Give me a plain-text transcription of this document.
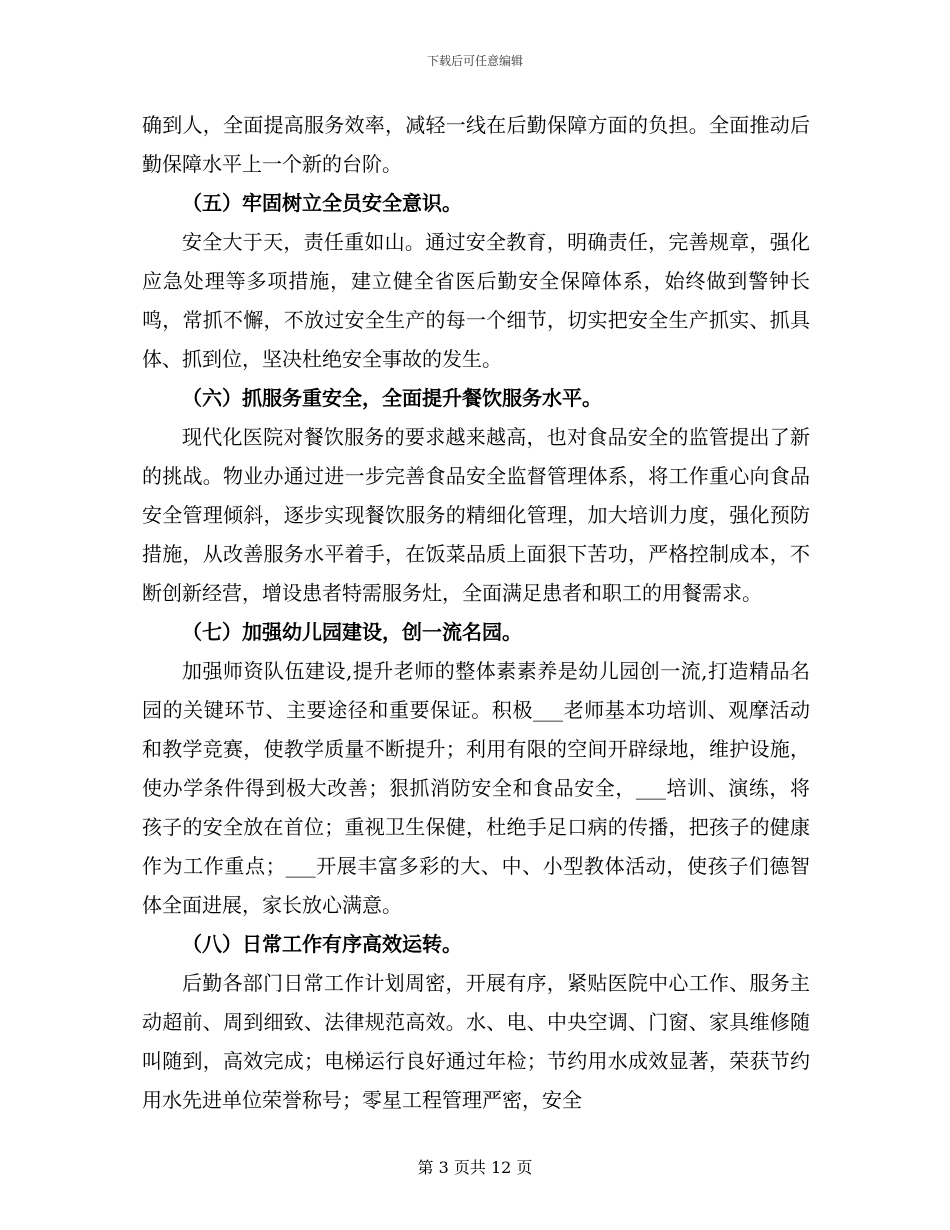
下载后可任意编辑

确到人，全面提高服务效率，减轻一线在后勤保障方面的负担。全面推动后勤保障水平上一个新的台阶。

（五）牢固树立全员安全意识。

安全大于天，责任重如山。通过安全教育，明确责任，完善规章，强化应急处理等多项措施，建立健全省医后勤安全保障体系，始终做到警钟长鸣，常抓不懈，不放过安全生产的每一个细节，切实把安全生产抓实、抓具体、抓到位，坚决杜绝安全事故的发生。

（六）抓服务重安全，全面提升餐饮服务水平。

现代化医院对餐饮服务的要求越来越高，也对食品安全的监管提出了新的挑战。物业办通过进一步完善食品安全监督管理体系，将工作重心向食品安全管理倾斜，逐步实现餐饮服务的精细化管理，加大培训力度，强化预防措施，从改善服务水平着手，在饭菜品质上面狠下苦功，严格控制成本，不断创新经营，增设患者特需服务灶，全面满足患者和职工的用餐需求。

（七）加强幼儿园建设，创一流名园。

加强师资队伍建设,提升老师的整体素素养是幼儿园创一流,打造精品名园的关键环节、主要途径和重要保证。积极___老师基本功培训、观摩活动和教学竞赛，使教学质量不断提升；利用有限的空间开辟绿地，维护设施，使办学条件得到极大改善；狠抓消防安全和食品安全，___培训、演练，将孩子的安全放在首位；重视卫生保健，杜绝手足口病的传播，把孩子的健康作为工作重点；___开展丰富多彩的大、中、小型教体活动，使孩子们德智体全面进展，家长放心满意。

（八）日常工作有序高效运转。

后勤各部门日常工作计划周密，开展有序，紧贴医院中心工作、服务主动超前、周到细致、法律规范高效。水、电、中央空调、门窗、家具维修随叫随到，高效完成；电梯运行良好通过年检；节约用水成效显著，荣获节约用水先进单位荣誉称号；零星工程管理严密，安全

第 3 页共 12 页
